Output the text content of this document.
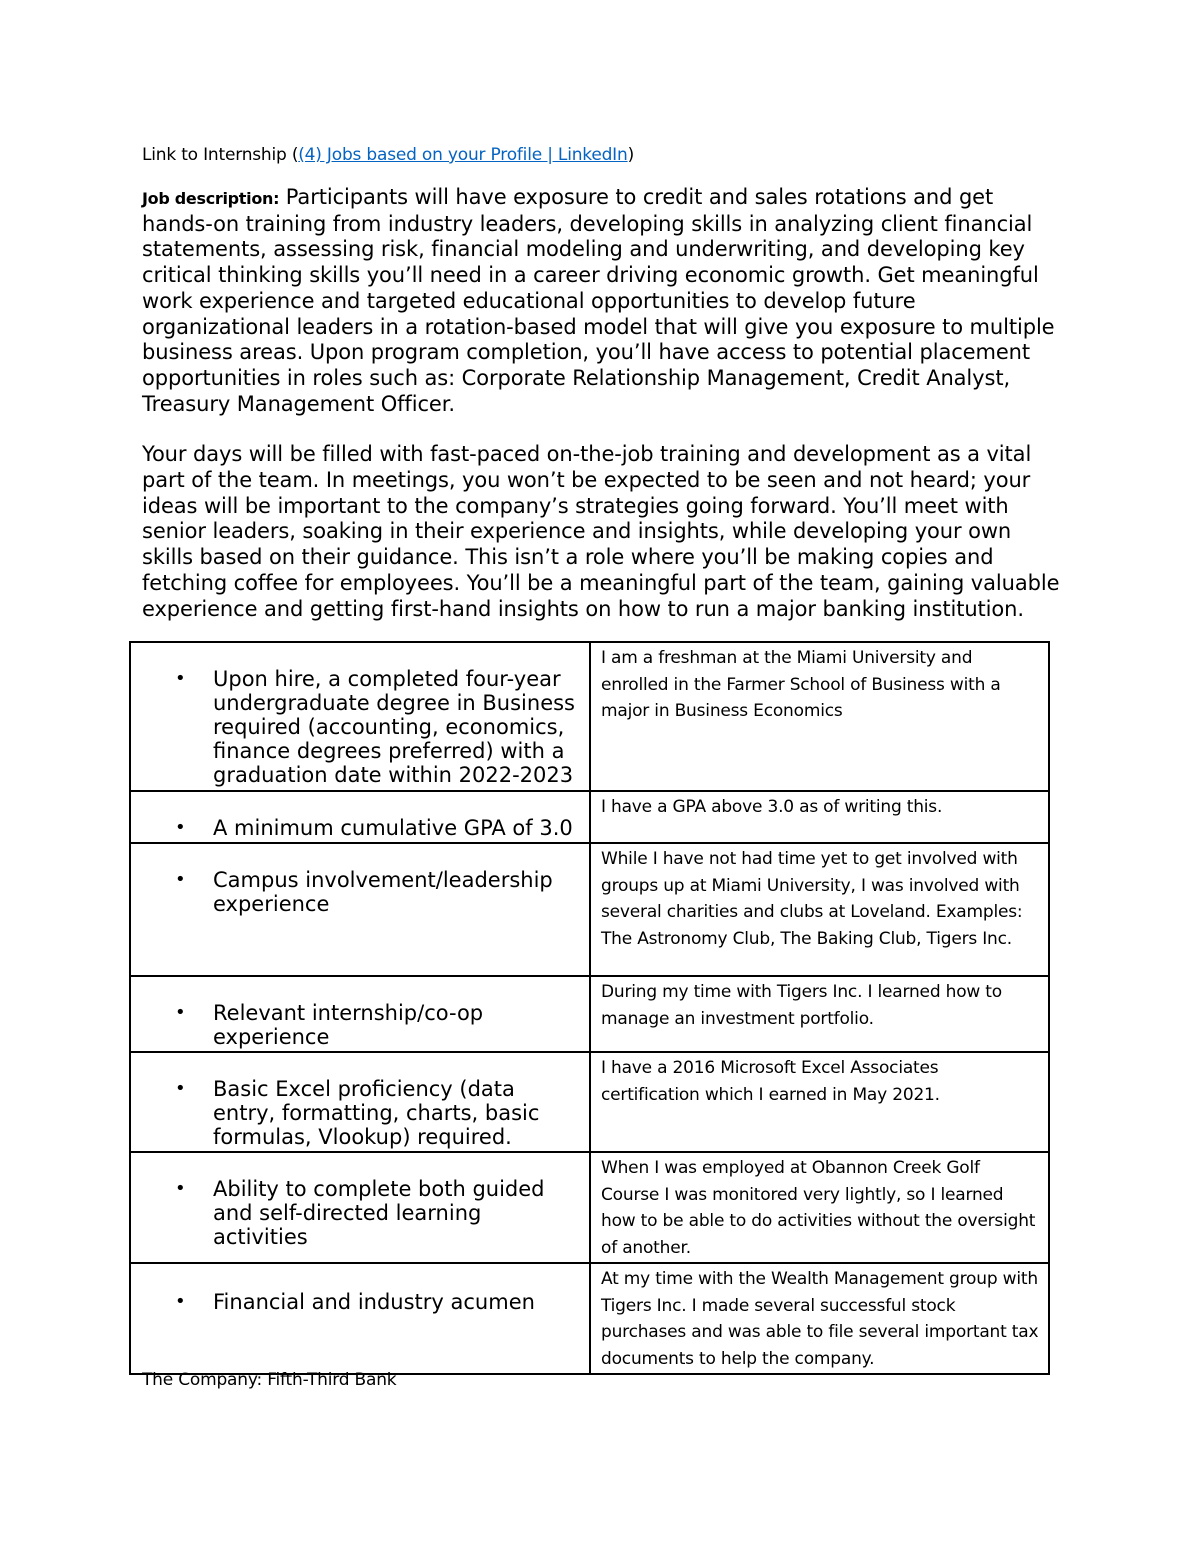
Link to Internship ((4) Jobs based on your Profile | LinkedIn)

Job description: Participants will have exposure to credit and sales rotations and get hands-on training from industry leaders, developing skills in analyzing client financial statements, assessing risk, financial modeling and underwriting, and developing key critical thinking skills you’ll need in a career driving economic growth. Get meaningful work experience and targeted educational opportunities to develop future organizational leaders in a rotation-based model that will give you exposure to multiple business areas. Upon program completion, you’ll have access to potential placement opportunities in roles such as: Corporate Relationship Management, Credit Analyst, Treasury Management Officer.

Your days will be filled with fast-paced on-the-job training and development as a vital part of the team. In meetings, you won’t be expected to be seen and not heard; your ideas will be important to the company’s strategies going forward. You’ll meet with senior leaders, soaking in their experience and insights, while developing your own skills based on their guidance. This isn’t a role where you’ll be making copies and fetching coffee for employees. You’ll be a meaningful part of the team, gaining valuable experience and getting first-hand insights on how to run a major banking institution.

• Upon hire, a completed four-year undergraduate degree in Business required (accounting, economics, finance degrees preferred) with a graduation date within 2022-2023	I am a freshman at the Miami University and enrolled in the Farmer School of Business with a major in Business Economics

• A minimum cumulative GPA of 3.0	I have a GPA above 3.0 as of writing this.

• Campus involvement/leadership experience	While I have not had time yet to get involved with groups up at Miami University, I was involved with several charities and clubs at Loveland. Examples: The Astronomy Club, The Baking Club, Tigers Inc.

• Relevant internship/co-op experience	During my time with Tigers Inc. I learned how to manage an investment portfolio.

• Basic Excel proficiency (data entry, formatting, charts, basic formulas, Vlookup) required.	I have a 2016 Microsoft Excel Associates certification which I earned in May 2021.

• Ability to complete both guided and self-directed learning activities	When I was employed at Obannon Creek Golf Course I was monitored very lightly, so I learned how to be able to do activities without the oversight of another.

• Financial and industry acumen	At my time with the Wealth Management group with Tigers Inc. I made several successful stock purchases and was able to file several important tax documents to help the company.

The Company: Fifth-Third Bank
